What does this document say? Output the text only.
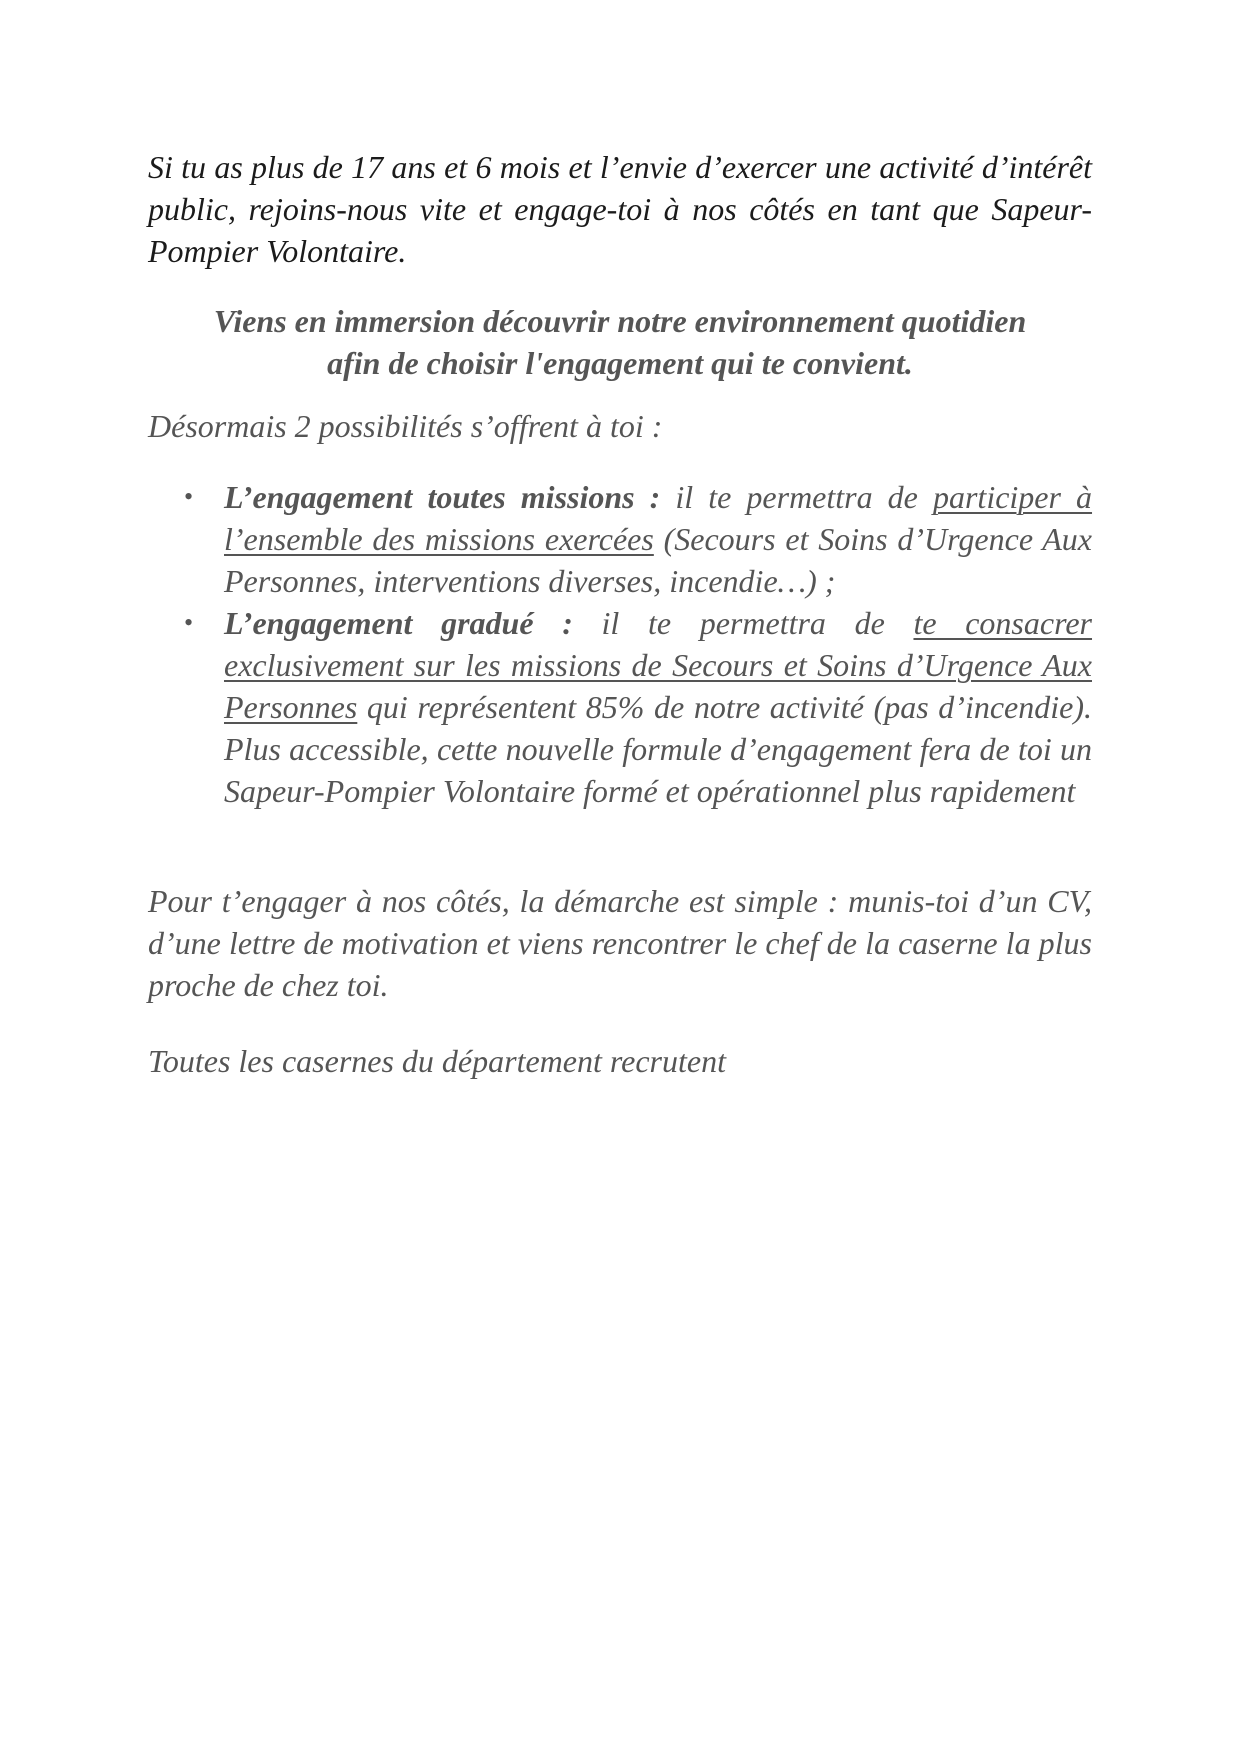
Si tu as plus de 17 ans et 6 mois et l’envie d’exercer une activité d’intérêt public, rejoins-nous vite et engage-toi à nos côtés en tant que Sapeur-Pompier Volontaire.

Viens en immersion découvrir notre environnement quotidien
afin de choisir l'engagement qui te convient.

Désormais 2 possibilités s’offrent à toi :

• L’engagement toutes missions : il te permettra de participer à l’ensemble des missions exercées (Secours et Soins d’Urgence Aux Personnes, interventions diverses, incendie…) ;
• L’engagement gradué : il te permettra de te consacrer exclusivement sur les missions de Secours et Soins d’Urgence Aux Personnes qui représentent 85% de notre activité (pas d’incendie). Plus accessible, cette nouvelle formule d’engagement fera de toi un Sapeur-Pompier Volontaire formé et opérationnel plus rapidement

Pour t’engager à nos côtés, la démarche est simple : munis-toi d’un CV, d’une lettre de motivation et viens rencontrer le chef de la caserne la plus proche de chez toi.

Toutes les casernes du département recrutent
